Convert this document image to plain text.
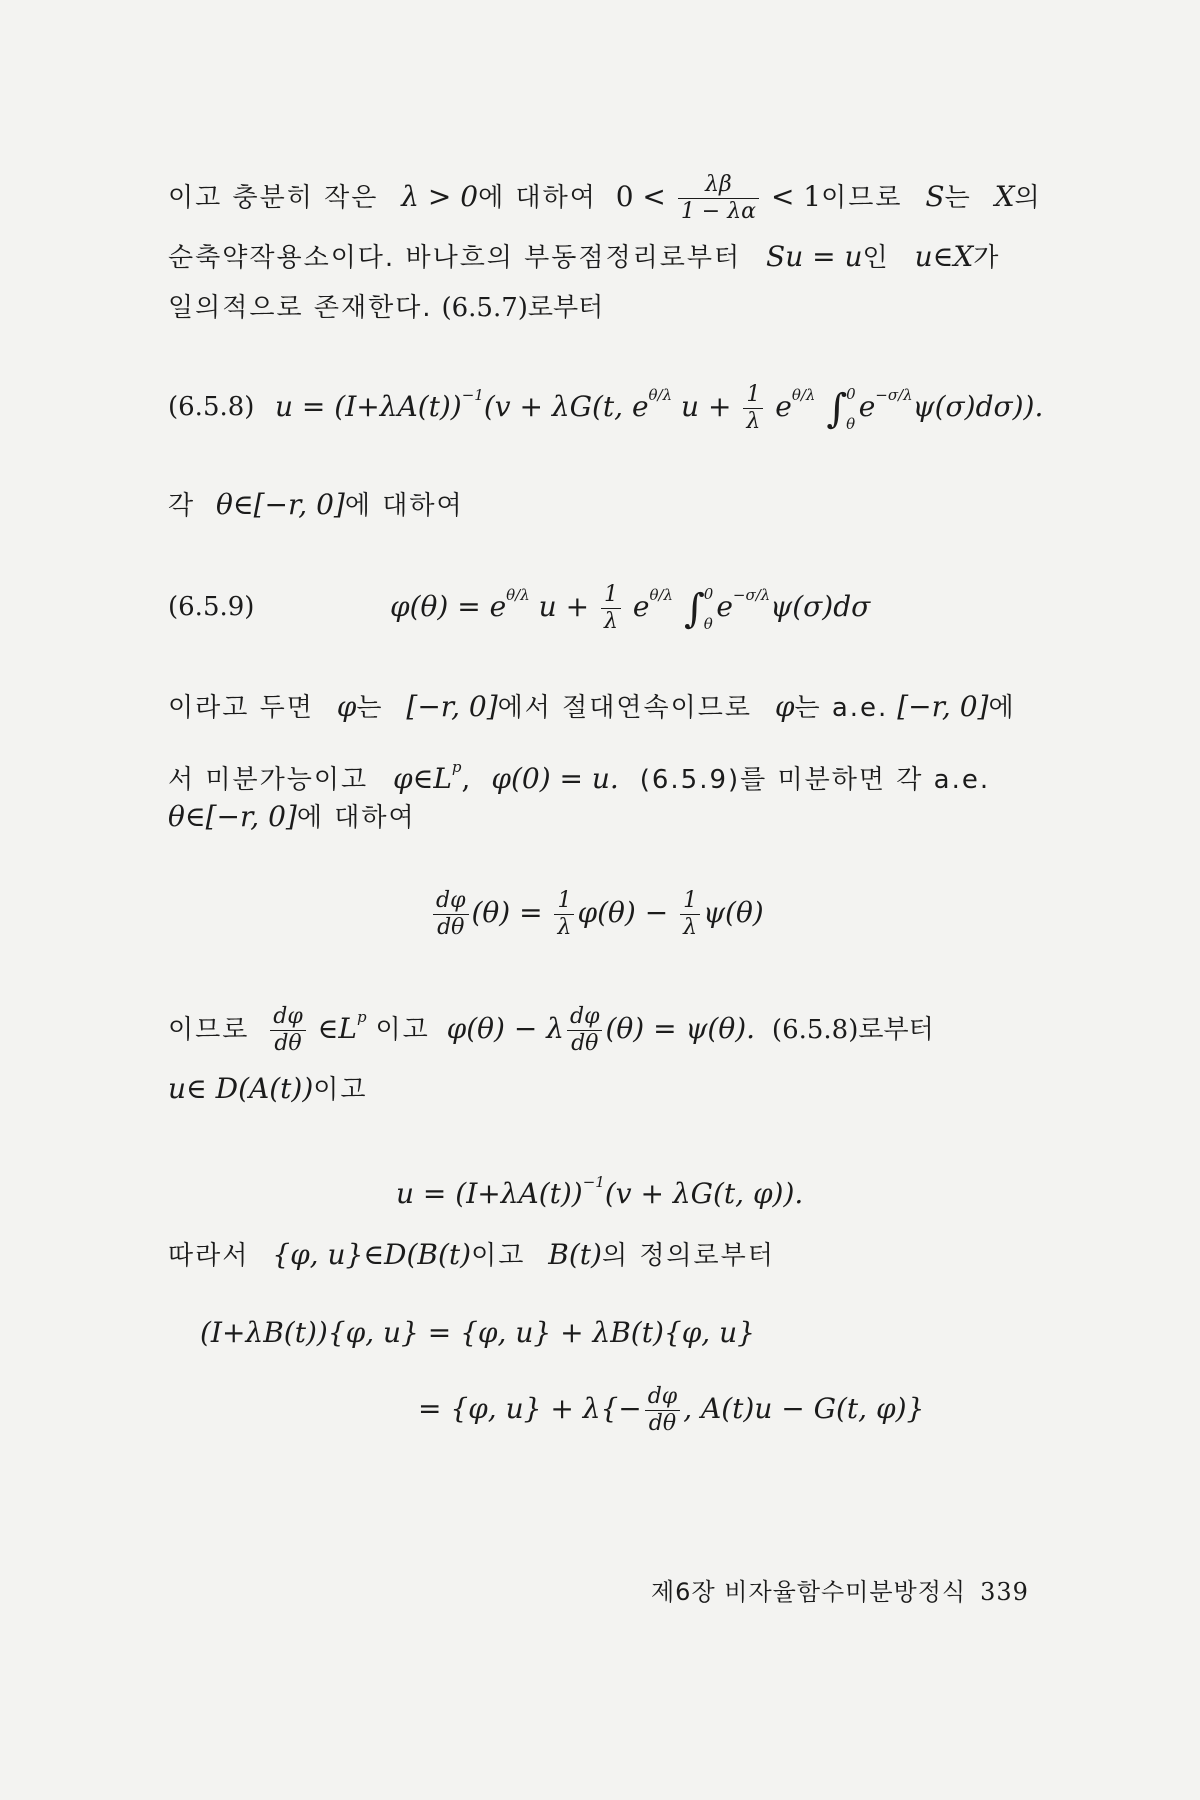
이고 충분히 작은 λ > 0에 대하여 $0 < \frac{\lambda\beta}{1 - \lambda\alpha} < 1$이므로 S는 X의
순축약작용소이다. 바나흐의 부동점정리로부터 Su = u인 u∈X가
일의적으로 존재한다. (6.5.7)로부터
(6.5.8) $u = (I+\lambda A(t))^{-1}(v + \lambda G(t$, $e^{\theta/\lambda}$ $u + \frac{1}{\lambda} e^{\theta/\lambda}$ ∫ 0
θ
$e^{-\sigma/\lambda}\psi(\sigma)d\sigma$)).
각 θ∈[−r, 0]에 대하여
(6.5.9)	$\varphi(\theta) = e^{\theta/\lambda}$ $u + \frac{1}{\lambda} e^{\theta/\lambda}$ ∫ 0
θ
$e^{-\sigma/\lambda}\psi(\sigma)d\sigma$
이라고 두면 φ는 [−r, 0]에서 절대연속이므로 φ는 a.e. [−r, 0]에
서 미분가능이고 $\varphi\in L^p$, φ(0) = u. (6.5.9)를 미분하면 각 a.e.
θ∈[−r, 0]에 대하여
$\frac{d\varphi}{d\theta} (\theta) = \frac{1}{\lambda} \varphi(\theta) - \frac{1}{\lambda} \psi(\theta)$
이므로 $\frac{d\varphi}{d\theta}$ $\in L^p$ 이고 φ(θ) − λ $\frac{d\varphi}{d\theta} (\theta) = \psi(\theta)$. (6.5.8)로부터
u∈ D(A(t))이고
$u = (I+\lambda A(t))^{-1}(v + \lambda G(t$, φ)).
따라서 {φ, u}∈D(B(t)이고 B(t)의 정의로부터
(I+λB(t)){φ, u} = {φ, u} + λB(t){φ, u}
= {φ, $u\} + \lambda\{- \frac{d\varphi}{d\theta}$ , A(t)u − G(t, φ)}
제6장 비자율함수미분방정식 339
